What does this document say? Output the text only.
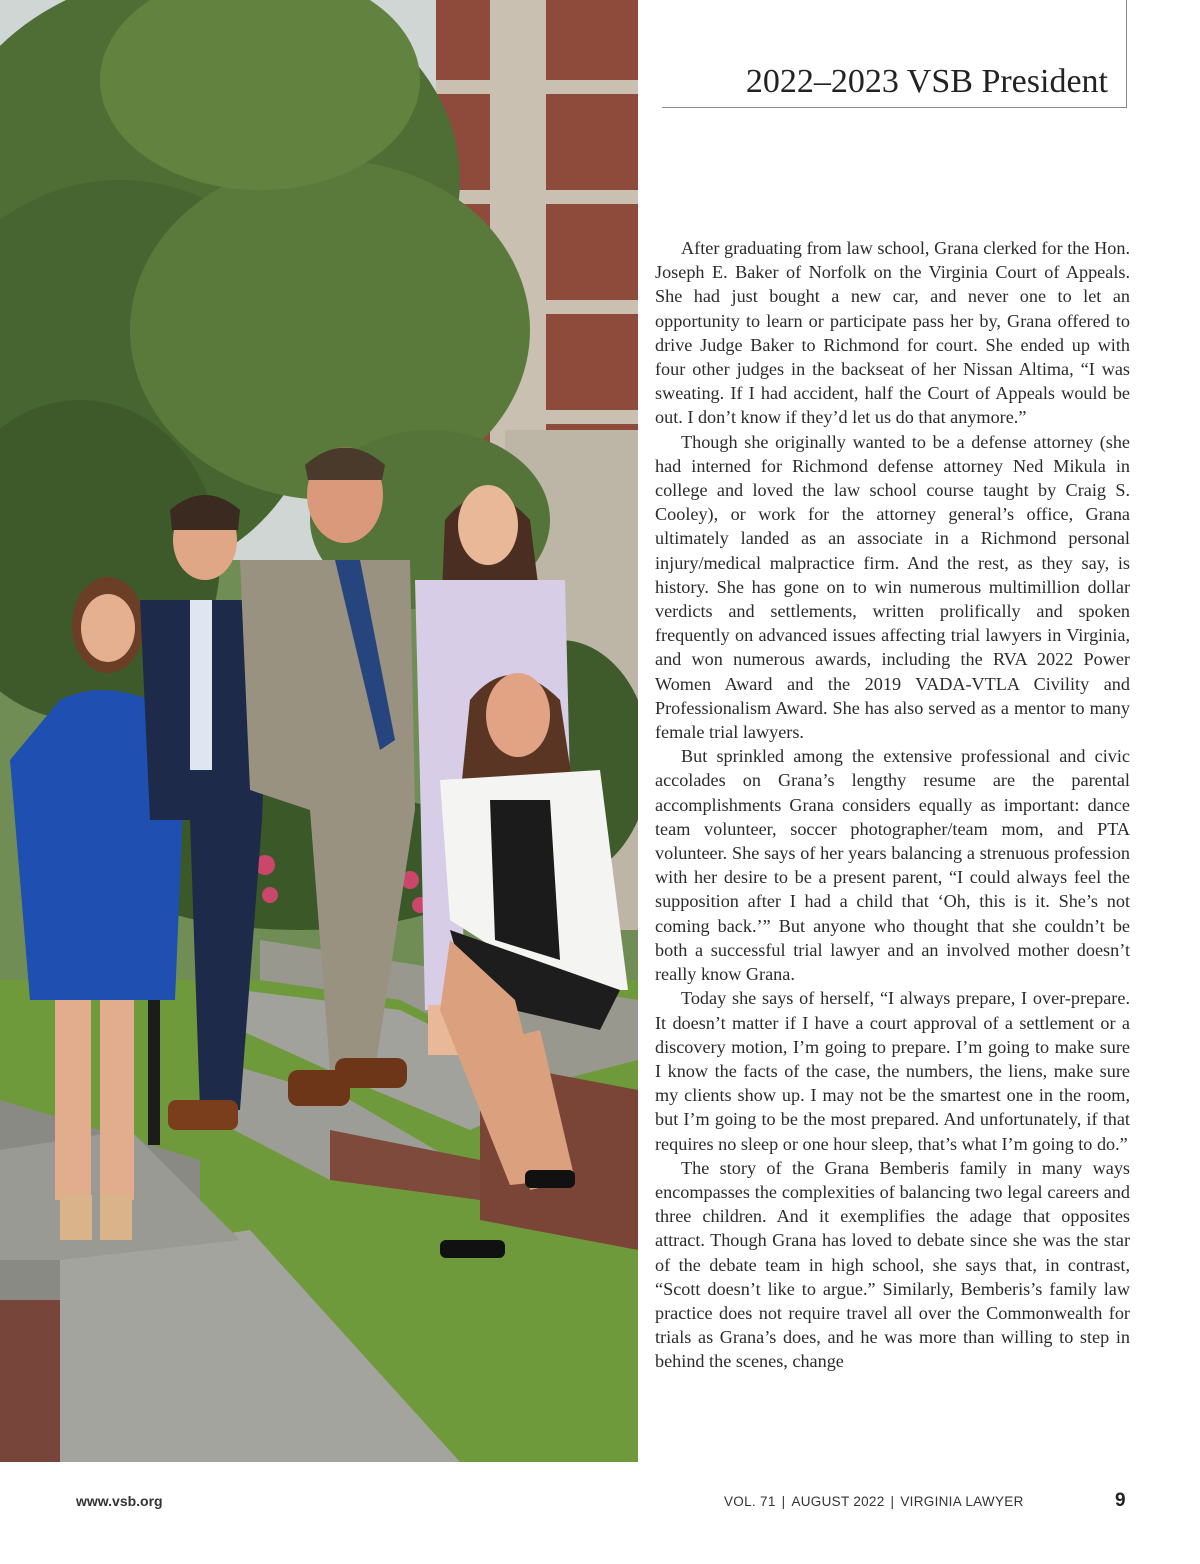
2022–2023 VSB President

After graduating from law school, Grana clerked for the Hon. Joseph E. Baker of Norfolk on the Virginia Court of Appeals. She had just bought a new car, and never one to let an opportunity to learn or participate pass her by, Grana offered to drive Judge Baker to Richmond for court. She ended up with four other judges in the backseat of her Nissan Altima, “I was sweating. If I had accident, half the Court of Appeals would be out. I don’t know if they’d let us do that anymore.”

Though she originally wanted to be a defense attorney (she had interned for Richmond defense attorney Ned Mikula in college and loved the law school course taught by Craig S. Cooley), or work for the attorney general’s office, Grana ultimately landed as an associate in a Richmond personal injury/medical malpractice firm. And the rest, as they say, is history. She has gone on to win numerous multimillion dollar verdicts and settlements, written prolifically and spoken frequently on advanced issues affecting trial lawyers in Virginia, and won numerous awards, including the RVA 2022 Power Women Award and the 2019 VADA-VTLA Civility and Professionalism Award. She has also served as a mentor to many female trial lawyers.

But sprinkled among the extensive professional and civic accolades on Grana’s lengthy resume are the parental accomplishments Grana considers equally as important: dance team volunteer, soccer photographer/team mom, and PTA volunteer. She says of her years balancing a strenuous profession with her desire to be a present parent, “I could always feel the supposition after I had a child that ‘Oh, this is it. She’s not coming back.’” But anyone who thought that she couldn’t be both a successful trial lawyer and an involved mother doesn’t really know Grana.

Today she says of herself, “I always prepare, I over-prepare. It doesn’t matter if I have a court approval of a settlement or a discovery motion, I’m going to prepare. I’m going to make sure I know the facts of the case, the numbers, the liens, make sure my clients show up. I may not be the smartest one in the room, but I’m going to be the most prepared. And unfortunately, if that requires no sleep or one hour sleep, that’s what I’m going to do.”

The story of the Grana Bemberis family in many ways encompasses the complexities of balancing two legal careers and three children. And it exemplifies the adage that opposites attract. Though Grana has loved to debate since she was the star of the debate team in high school, she says that, in contrast, “Scott doesn’t like to argue.” Similarly, Bemberis’s family law practice does not require travel all over the Commonwealth for trials as Grana’s does, and he was more than willing to step in behind the scenes, change

www.vsb.org	VOL. 71 | AUGUST 2022 | VIRGINIA LAWYER	9
